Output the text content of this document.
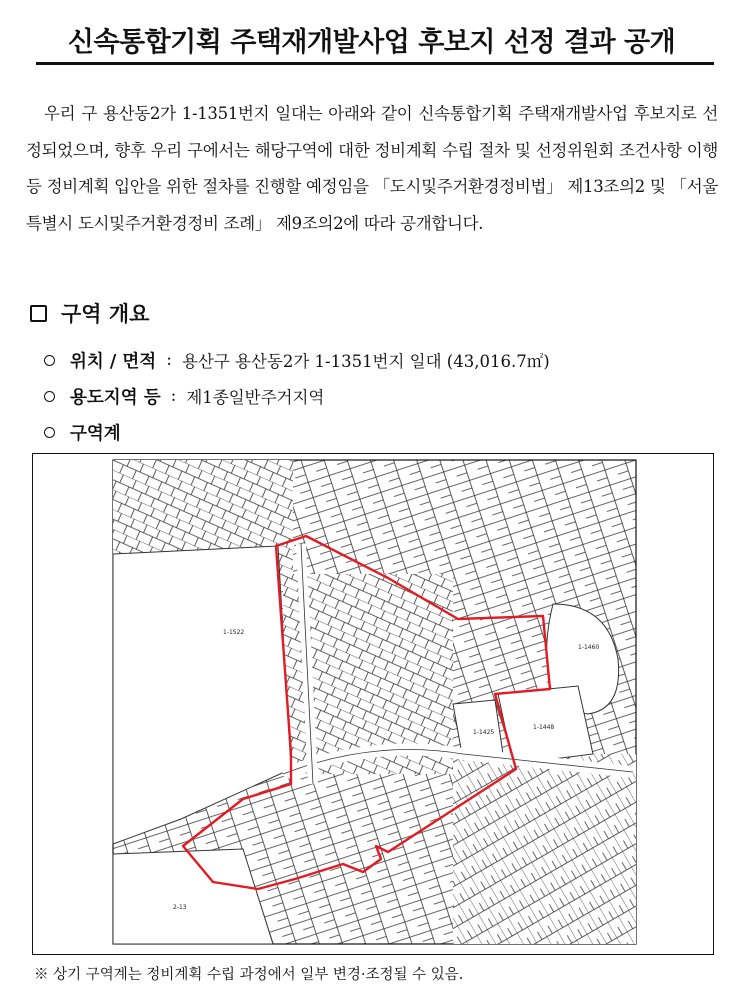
신속통합기획 주택재개발사업 후보지 선정 결과 공개
우리 구 용산동2가 1-1351번지 일대는 아래와 같이 신속통합기획 주택재개발사업 후보지로 선정되었으며, 향후 우리 구에서는 해당구역에 대한 정비계획 수립 절차 및 선정위원회 조건사항 이행 등 정비계획 입안을 위한 절차를 진행할 예정임을 「도시및주거환경정비법」 제13조의2 및 「서울특별시 도시및주거환경정비 조례」 제9조의2에 따라 공개합니다.
구역 개요
위치 / 면적 : 용산구 용산동2가 1-1351번지 일대 (43,016.7㎡)
용도지역 등 : 제1종일반주거지역
구역계
1-1522
1-1460
1-1448
1-1425
2-13
※ 상기 구역계는 정비계획 수립 과정에서 일부 변경·조정될 수 있음.
